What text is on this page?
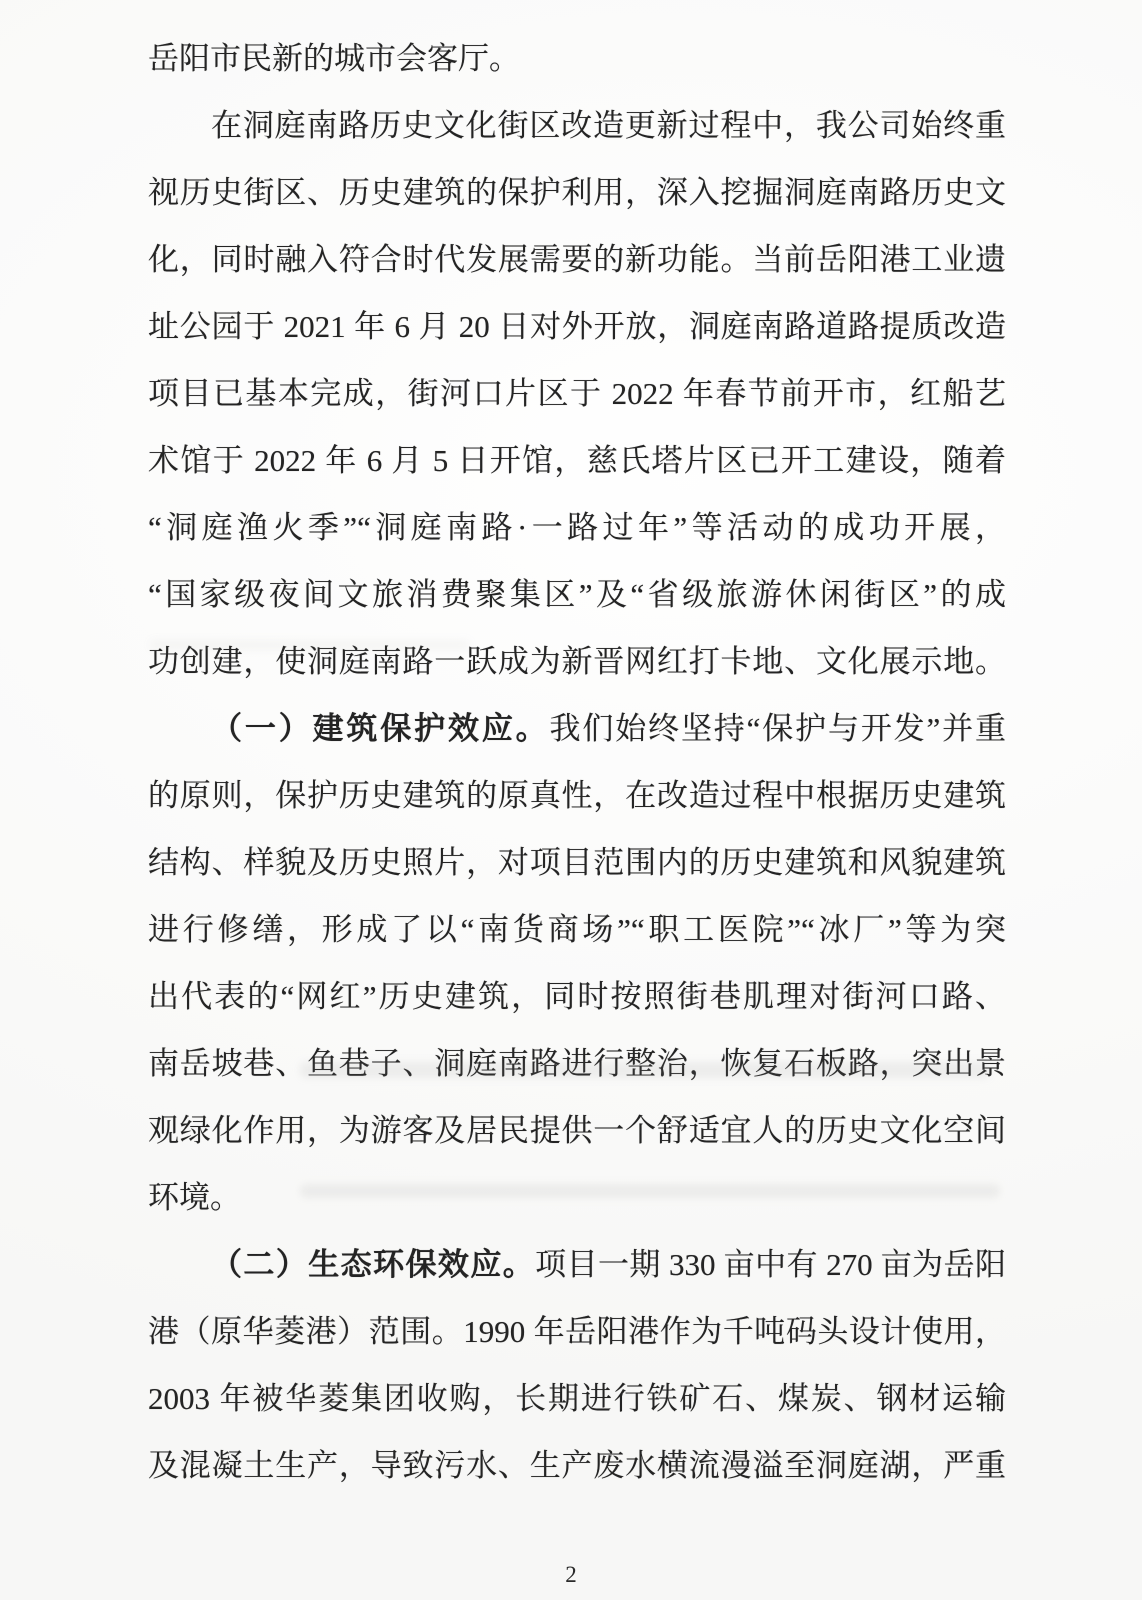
岳阳市民新的城市会客厅。
在洞庭南路历史文化街区改造更新过程中，我公司始终重
视历史街区、历史建筑的保护利用，深入挖掘洞庭南路历史文
化，同时融入符合时代发展需要的新功能。当前岳阳港工业遗
址公园于 2021 年 6 月 20 日对外开放，洞庭南路道路提质改造
项目已基本完成，街河口片区于 2022 年春节前开市，红船艺
术馆于 2022 年 6 月 5 日开馆，慈氏塔片区已开工建设，随着
“洞庭渔火季”“洞庭南路·一路过年”等活动的成功开展，
“国家级夜间文旅消费聚集区”及“省级旅游休闲街区”的成
功创建，使洞庭南路一跃成为新晋网红打卡地、文化展示地。
（一）建筑保护效应。我们始终坚持“保护与开发”并重
的原则，保护历史建筑的原真性，在改造过程中根据历史建筑
结构、样貌及历史照片，对项目范围内的历史建筑和风貌建筑
进行修缮，形成了以“南货商场”“职工医院”“冰厂”等为突
出代表的“网红”历史建筑，同时按照街巷肌理对街河口路、
南岳坡巷、鱼巷子、洞庭南路进行整治，恢复石板路，突出景
观绿化作用，为游客及居民提供一个舒适宜人的历史文化空间
环境。
（二）生态环保效应。项目一期 330 亩中有 270 亩为岳阳
港（原华菱港）范围。1990 年岳阳港作为千吨码头设计使用，
2003 年被华菱集团收购，长期进行铁矿石、煤炭、钢材运输
及混凝土生产，导致污水、生产废水横流漫溢至洞庭湖，严重
2
